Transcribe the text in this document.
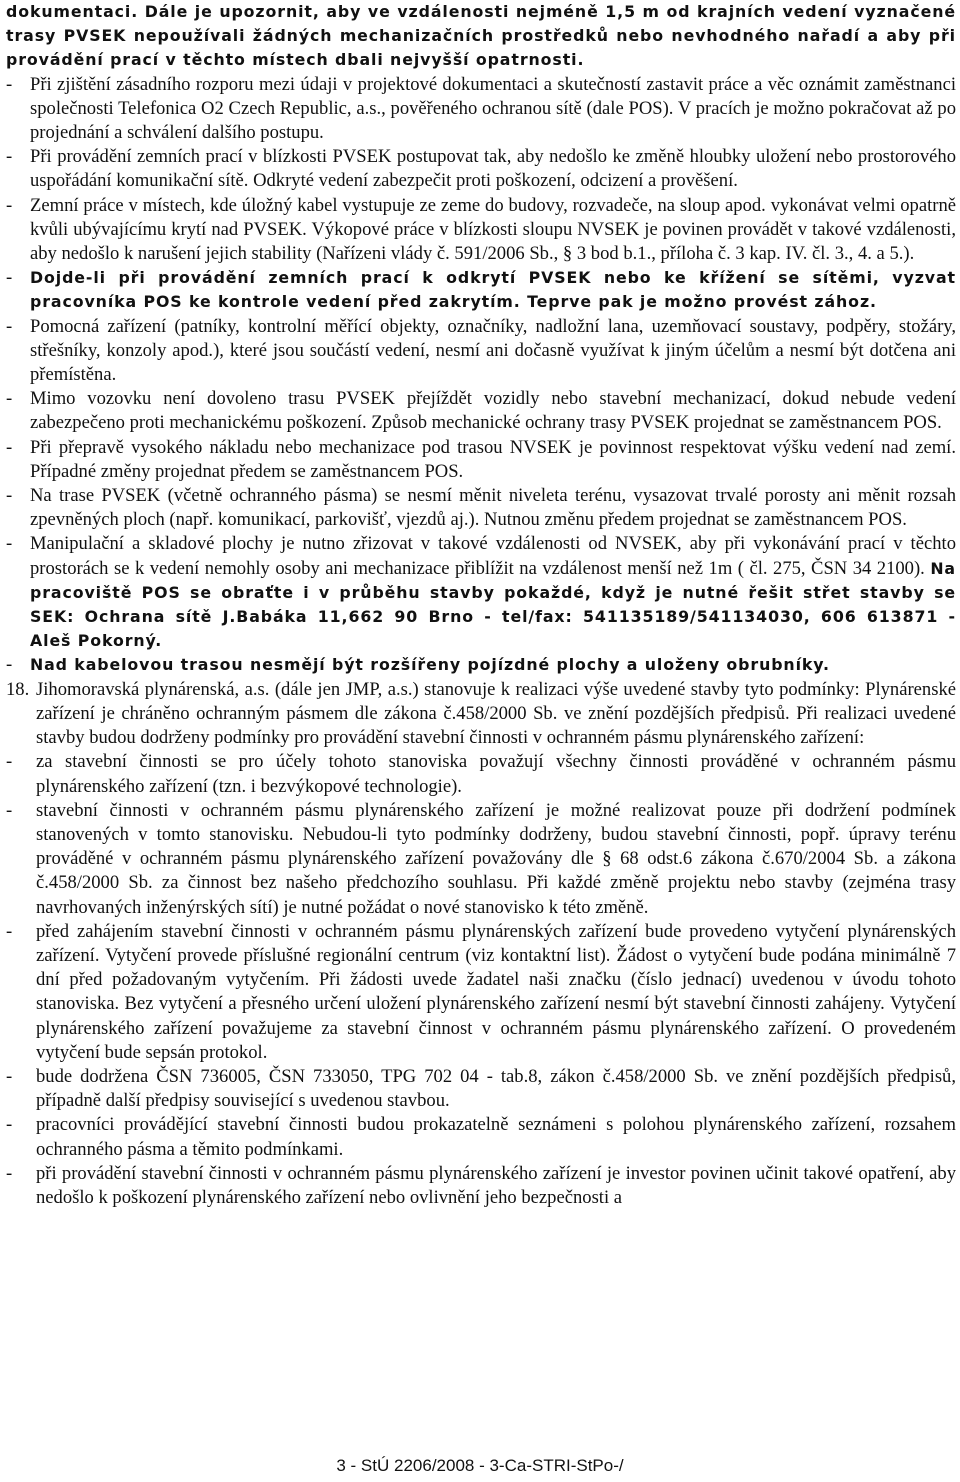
dokumentaci. Dále je upozornit, aby ve vzdálenosti nejméně 1,5 m od krajních vedení vyznačené trasy PVSEK nepoužívali žádných mechanizačních prostředků nebo nevhodného nařadí a aby při provádění prací v těchto místech dbali nejvyšší opatrnosti.

- Při zjištění zásadního rozporu mezi údaji v projektové dokumentaci a skutečností zastavit práce a věc oznámit zaměstnanci společnosti Telefonica O2 Czech Republic, a.s., pověřeného ochranou sítě (dale POS). V pracích je možno pokračovat až po projednání a schválení dalšího postupu.
- Při provádění zemních prací v blízkosti PVSEK postupovat tak, aby nedošlo ke změně hloubky uložení nebo prostorového uspořádání komunikační sítě. Odkryté vedení zabezpečit proti poškození, odcizení a prověšení.
- Zemní práce v místech, kde úložný kabel vystupuje ze zeme do budovy, rozvadeče, na sloup apod. vykonávat velmi opatrně kvůli ubývajícímu krytí nad PVSEK. Výkopové práce v blízkosti sloupu NVSEK je povinen provádět v takové vzdálenosti, aby nedošlo k narušení jejich stability (Nařízeni vlády č. 591/2006 Sb., § 3 bod b.1., příloha č. 3 kap. IV. čl. 3., 4. a 5.).
-	Dojde-li při provádění zemních prací k odkrytí PVSEK nebo ke křížení se sítěmi, vyzvat pracovníka POS ke kontrole vedení před zakrytím. Teprve pak je možno provést zához.
- Pomocná zařízení (patníky, kontrolní měřící objekty, označníky, nadložní lana, uzemňovací soustavy, podpěry, stožáry, střešníky, konzoly apod.), které jsou součástí vedení, nesmí ani dočasně využívat k jiným účelům a nesmí být dotčena ani přemístěna.
- Mimo vozovku není dovoleno trasu PVSEK přejíždět vozidly nebo stavební mechanizací, dokud nebude vedení zabezpečeno proti mechanickému poškození. Způsob mechanické ochrany trasy PVSEK projednat se zaměstnancem POS.
- Při přepravě vysokého nákladu nebo mechanizace pod trasou NVSEK je povinnost respektovat výšku vedení nad zemí. Případné změny projednat předem se zaměstnancem POS.
- Na trase PVSEK (včetně ochranného pásma) se nesmí měnit niveleta terénu, vysazovat trvalé porosty ani měnit rozsah zpevněných ploch (např. komunikací, parkovišť, vjezdů aj.). Nutnou změnu předem projednat se zaměstnancem POS.
- Manipulační a skladové plochy je nutno zřizovat v takové vzdálenosti od NVSEK, aby při vykonávání prací v těchto prostorách se k vedení nemohly osoby ani mechanizace přiblížit na vzdálenost menší než 1m ( čl. 275, ČSN 34 2100). Na pracoviště POS se obraťte i v průběhu stavby pokaždé, když je nutné řešit střet stavby se SEK: Ochrana sítě J.Babáka 11,662 90 Brno - tel/fax: 541135189/541134030, 606 613871 - Aleš Pokorný.
-	Nad kabelovou trasou nesmějí být rozšířeny pojízdné plochy a uloženy obrubníky.
18. Jihomoravská plynárenská, a.s. (dále jen JMP, a.s.) stanovuje k realizaci výše uvedené stavby tyto podmínky: Plynárenské zařízení je chráněno ochranným pásmem dle zákona č.458/2000 Sb. ve znění pozdějších předpisů. Při realizaci uvedené stavby budou dodrženy podmínky pro provádění stavební činnosti v ochranném pásmu plynárenského zařízení:
-	za stavební činnosti se pro účely tohoto stanoviska považují všechny činnosti prováděné v ochranném pásmu plynárenského zařízení (tzn. i bezvýkopové technologie).
-	stavební činnosti v ochranném pásmu plynárenského zařízení je možné realizovat pouze při dodržení podmínek stanovených v tomto stanovisku. Nebudou-li tyto podmínky dodrženy, budou stavební činnosti, popř. úpravy terénu prováděné v ochranném pásmu plynárenského zařízení považovány dle § 68 odst.6 zákona č.670/2004 Sb. a zákona č.458/2000 Sb. za činnost bez našeho předchozího souhlasu. Při každé změně projektu nebo stavby (zejména trasy navrhovaných inženýrských sítí) je nutné požádat o nové stanovisko k této změně.
-	před zahájením stavební činnosti v ochranném pásmu plynárenských zařízení bude provedeno vytyčení plynárenských zařízení. Vytyčení provede příslušné regionální centrum (viz kontaktní list). Žádost o vytyčení bude podána minimálně 7 dní před požadovaným vytyčením. Při žádosti uvede žadatel naši značku (číslo jednací) uvedenou v úvodu tohoto stanoviska. Bez vytyčení a přesného určení uložení plynárenského zařízení nesmí být stavební činnosti zahájeny. Vytyčení plynárenského zařízení považujeme za stavební činnost v ochranném pásmu plynárenského zařízení. O provedeném vytyčení bude sepsán protokol.
-	bude dodržena ČSN 736005, ČSN 733050, TPG 702 04 - tab.8, zákon č.458/2000 Sb. ve znění pozdějších předpisů, případně další předpisy související s uvedenou stavbou.
-	pracovníci provádějící stavební činnosti budou prokazatelně seznámeni s polohou plynárenského zařízení, rozsahem ochranného pásma a těmito podmínkami.
-	při provádění stavební činnosti v ochranném pásmu plynárenského zařízení je investor povinen učinit takové opatření, aby nedošlo k poškození plynárenského zařízení nebo ovlivnění jeho bezpečnosti a
3 - StÚ 2206/2008 - 3-Ca-STRI-StPo-/
